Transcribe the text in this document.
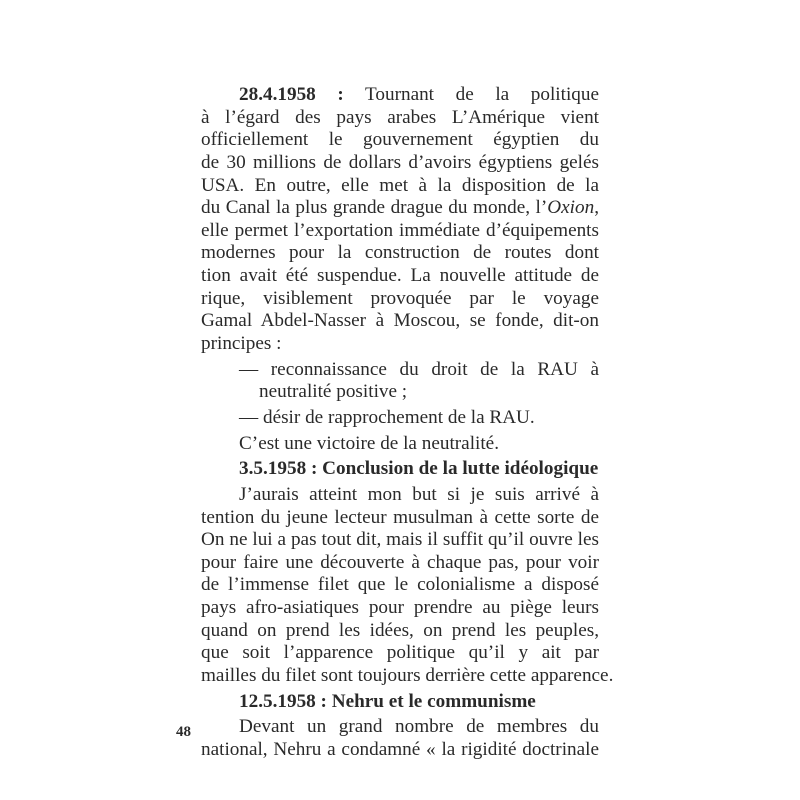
28.4.1958 : Tournant de la politique
à l’égard des pays arabes L’Amérique vient
officiellement le gouvernement égyptien du
de 30 millions de dollars d’avoirs égyptiens gelés
USA. En outre, elle met à la disposition de la
du Canal la plus grande drague du monde, l’Oxion,
elle permet l’exportation immédiate d’équipements
modernes pour la construction de routes dont
tion avait été suspendue. La nouvelle attitude de
rique, visiblement provoquée par le voyage
Gamal Abdel-Nasser à Moscou, se fonde, dit-on
principes :
— reconnaissance du droit de la RAU à
neutralité positive ;
— désir de rapprochement de la RAU.
C’est une victoire de la neutralité.
3.5.1958 : Conclusion de la lutte idéologique
J’aurais atteint mon but si je suis arrivé à
tention du jeune lecteur musulman à cette sorte de
On ne lui a pas tout dit, mais il suffit qu’il ouvre les
pour faire une découverte à chaque pas, pour voir
de l’immense filet que le colonialisme a disposé
pays afro-asiatiques pour prendre au piège leurs
quand on prend les idées, on prend les peuples,
que soit l’apparence politique qu’il y ait par
mailles du filet sont toujours derrière cette apparence.
12.5.1958 : Nehru et le communisme
Devant un grand nombre de membres du
national, Nehru a condamné « la rigidité doctrinale
48
